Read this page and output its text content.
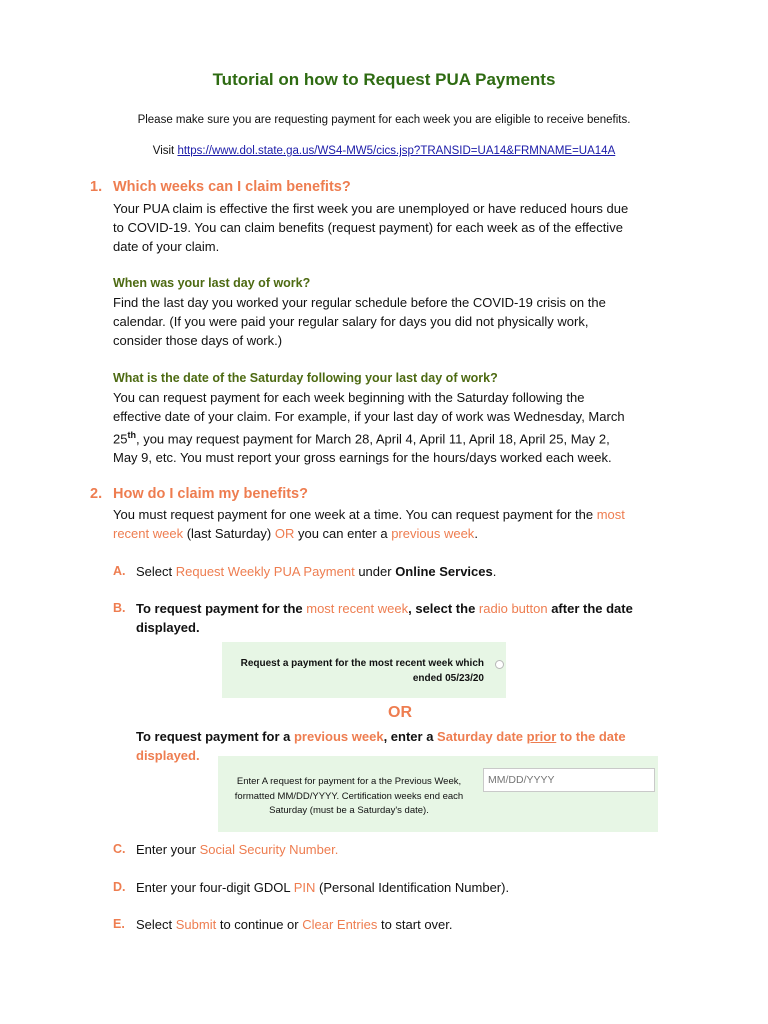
Tutorial on how to Request PUA Payments
Please make sure you are requesting payment for each week you are eligible to receive benefits.
Visit https://www.dol.state.ga.us/WS4-MW5/cics.jsp?TRANSID=UA14&FRMNAME=UA14A
1. Which weeks can I claim benefits?
Your PUA claim is effective the first week you are unemployed or have reduced hours due
to COVID-19. You can claim benefits (request payment) for each week as of the effective
date of your claim.
When was your last day of work?
Find the last day you worked your regular schedule before the COVID-19 crisis on the
calendar. (If you were paid your regular salary for days you did not physically work,
consider those days of work.)
What is the date of the Saturday following your last day of work?
You can request payment for each week beginning with the Saturday following the
effective date of your claim. For example, if your last day of work was Wednesday, March
25th, you may request payment for March 28, April 4, April 11, April 18, April 25, May 2,
May 9, etc. You must report your gross earnings for the hours/days worked each week.
2. How do I claim my benefits?
You must request payment for one week at a time. You can request payment for the most
recent week (last Saturday) OR you can enter a previous week.
A. Select Request Weekly PUA Payment under Online Services.
B. To request payment for the most recent week, select the radio button after the date
displayed.
Request a payment for the most recent week which
ended 05/23/20
OR
To request payment for a previous week, enter a Saturday date prior to the date
displayed.
Enter A request for payment for a the Previous Week,
formatted MM/DD/YYYY. Certification weeks end each
Saturday (must be a Saturday's date).
MM/DD/YYYY
C. Enter your Social Security Number.
D. Enter your four-digit GDOL PIN (Personal Identification Number).
E. Select Submit to continue or Clear Entries to start over.
